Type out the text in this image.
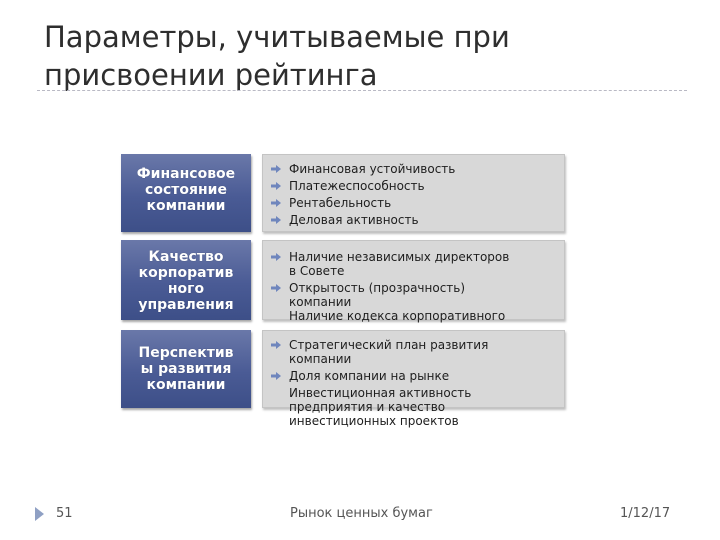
Параметры, учитываемые при
присвоении рейтинга
Финансовое
состояние
компании
Финансовая устойчивость
Платежеспособность
Рентабельность
Деловая активность
Качество
корпоратив
ного
управления
Наличие независимых директоров
в Совете
Открытость (прозрачность)
компании
Наличие кодекса корпоративного
Перспектив
ы развития
компании
Стратегический план развития
компании
Доля компании на рынке
Инвестиционная активность
предприятия и качество
инвестиционных проектов
51	Рынок ценных бумаг	1/12/17
